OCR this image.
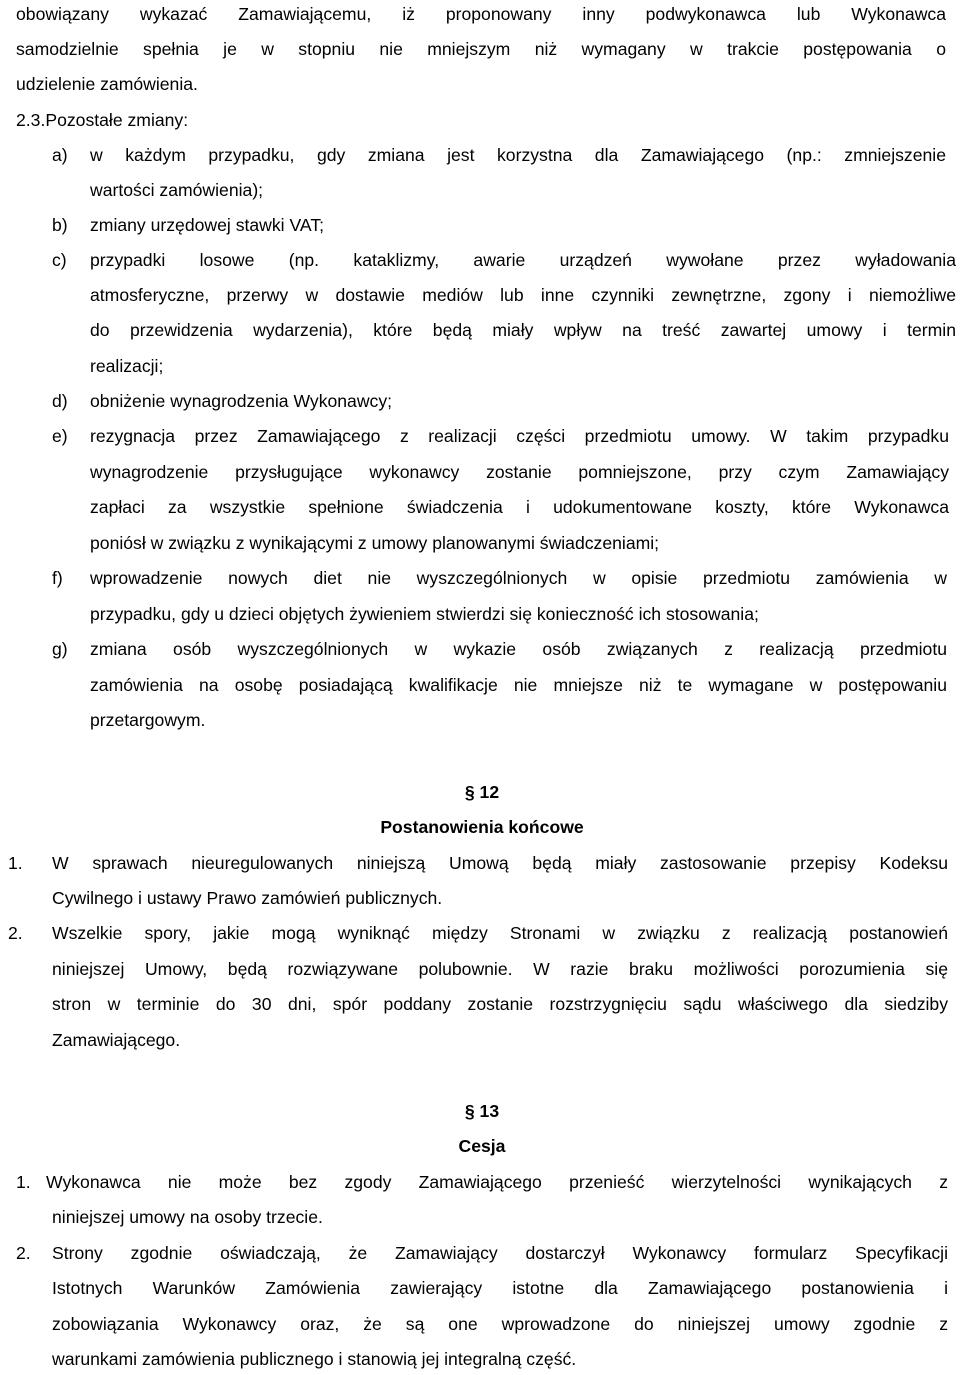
obowiązany wykazać Zamawiającemu, iż proponowany inny podwykonawca lub Wykonawca
samodzielnie spełnia je w stopniu nie mniejszym niż wymagany w trakcie postępowania o
udzielenie zamówienia.
2.3.Pozostałe zmiany:
a) w każdym przypadku, gdy zmiana jest korzystna dla Zamawiającego (np.: zmniejszenie
wartości zamówienia);
b) zmiany urzędowej stawki VAT;
c) przypadki losowe (np. kataklizmy, awarie urządzeń wywołane przez wyładowania
atmosferyczne, przerwy w dostawie mediów lub inne czynniki zewnętrzne, zgony i niemożliwe
do przewidzenia wydarzenia), które będą miały wpływ na treść zawartej umowy i termin
realizacji;
d) obniżenie wynagrodzenia Wykonawcy;
e) rezygnacja przez Zamawiającego z realizacji części przedmiotu umowy. W takim przypadku
wynagrodzenie przysługujące wykonawcy zostanie pomniejszone, przy czym Zamawiający
zapłaci za wszystkie spełnione świadczenia i udokumentowane koszty, które Wykonawca
poniósł w związku z wynikającymi z umowy planowanymi świadczeniami;
f) wprowadzenie nowych diet nie wyszczególnionych w opisie przedmiotu zamówienia w
przypadku, gdy u dzieci objętych żywieniem stwierdzi się konieczność ich stosowania;
g) zmiana osób wyszczególnionych w wykazie osób związanych z realizacją przedmiotu
zamówienia na osobę posiadającą kwalifikacje nie mniejsze niż te wymagane w postępowaniu
przetargowym.
§ 12
Postanowienia końcowe
1. W sprawach nieuregulowanych niniejszą Umową będą miały zastosowanie przepisy Kodeksu
Cywilnego i ustawy Prawo zamówień publicznych.
2. Wszelkie spory, jakie mogą wyniknąć między Stronami w związku z realizacją postanowień
niniejszej Umowy, będą rozwiązywane polubownie. W razie braku możliwości porozumienia się
stron w terminie do 30 dni, spór poddany zostanie rozstrzygnięciu sądu właściwego dla siedziby
Zamawiającego.
§ 13
Cesja
1. Wykonawca nie może bez zgody Zamawiającego przenieść wierzytelności wynikających z
niniejszej umowy na osoby trzecie.
2. Strony zgodnie oświadczają, że Zamawiający dostarczył Wykonawcy formularz Specyfikacji
Istotnych Warunków Zamówienia zawierający istotne dla Zamawiającego postanowienia i
zobowiązania Wykonawcy oraz, że są one wprowadzone do niniejszej umowy zgodnie z
warunkami zamówienia publicznego i stanowią jej integralną część.
